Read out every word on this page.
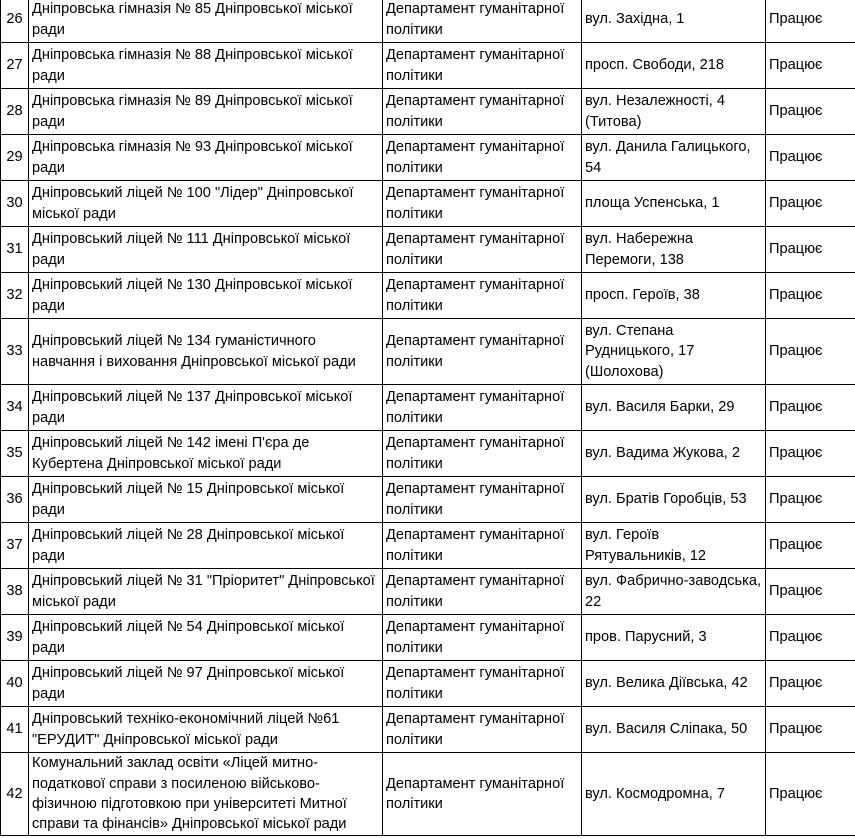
26	Дніпровська гімназія № 85 Дніпровської міської ради	Департамент гуманітарної політики	вул. Західна, 1	Працює
27	Дніпровська гімназія № 88 Дніпровської міської ради	Департамент гуманітарної політики	просп. Свободи, 218	Працює
28	Дніпровська гімназія № 89 Дніпровської міської ради	Департамент гуманітарної політики	вул. Незалежності, 4 (Титова)	Працює
29	Дніпровська гімназія № 93 Дніпровської міської ради	Департамент гуманітарної політики	вул. Данила Галицького, 54	Працює
30	Дніпровський ліцей № 100 "Лідер" Дніпровської міської ради	Департамент гуманітарної політики	площа Успенська, 1	Працює
31	Дніпровський ліцей № 111 Дніпровської міської ради	Департамент гуманітарної політики	вул. Набережна Перемоги, 138	Працює
32	Дніпровський ліцей № 130 Дніпровської міської ради	Департамент гуманітарної політики	просп. Героїв, 38	Працює
33	Дніпровський ліцей № 134 гуманістичного навчання і виховання Дніпровської міської ради	Департамент гуманітарної політики	вул. Степана Рудницького, 17 (Шолохова)	Працює
34	Дніпровський ліцей № 137 Дніпровської міської ради	Департамент гуманітарної політики	вул. Василя Барки, 29	Працює
35	Дніпровський ліцей № 142 імені П'єра де Кубертена Дніпровської міської ради	Департамент гуманітарної політики	вул. Вадима Жукова, 2	Працює
36	Дніпровський ліцей № 15 Дніпровської міської ради	Департамент гуманітарної політики	вул. Братів Горобців, 53	Працює
37	Дніпровський ліцей № 28 Дніпровської міської ради	Департамент гуманітарної політики	вул. Героїв Рятувальників, 12	Працює
38	Дніпровський ліцей № 31 "Пріоритет" Дніпровської міської ради	Департамент гуманітарної політики	вул. Фабрично-заводська, 22	Працює
39	Дніпровський ліцей № 54 Дніпровської міської ради	Департамент гуманітарної політики	пров. Парусний, 3	Працює
40	Дніпровський ліцей № 97 Дніпровської міської ради	Департамент гуманітарної політики	вул. Велика Діївська, 42	Працює
41	Дніпровський техніко-економічний ліцей №61 "ЕРУДИТ" Дніпровської міської ради	Департамент гуманітарної політики	вул. Василя Сліпака, 50	Працює
42	Комунальний заклад освіти «Ліцей митно-податкової справи з посиленою військово-фізичною підготовкою при університеті Митної справи та фінансів» Дніпровської міської ради	Департамент гуманітарної політики	вул. Космодромна, 7	Працює
